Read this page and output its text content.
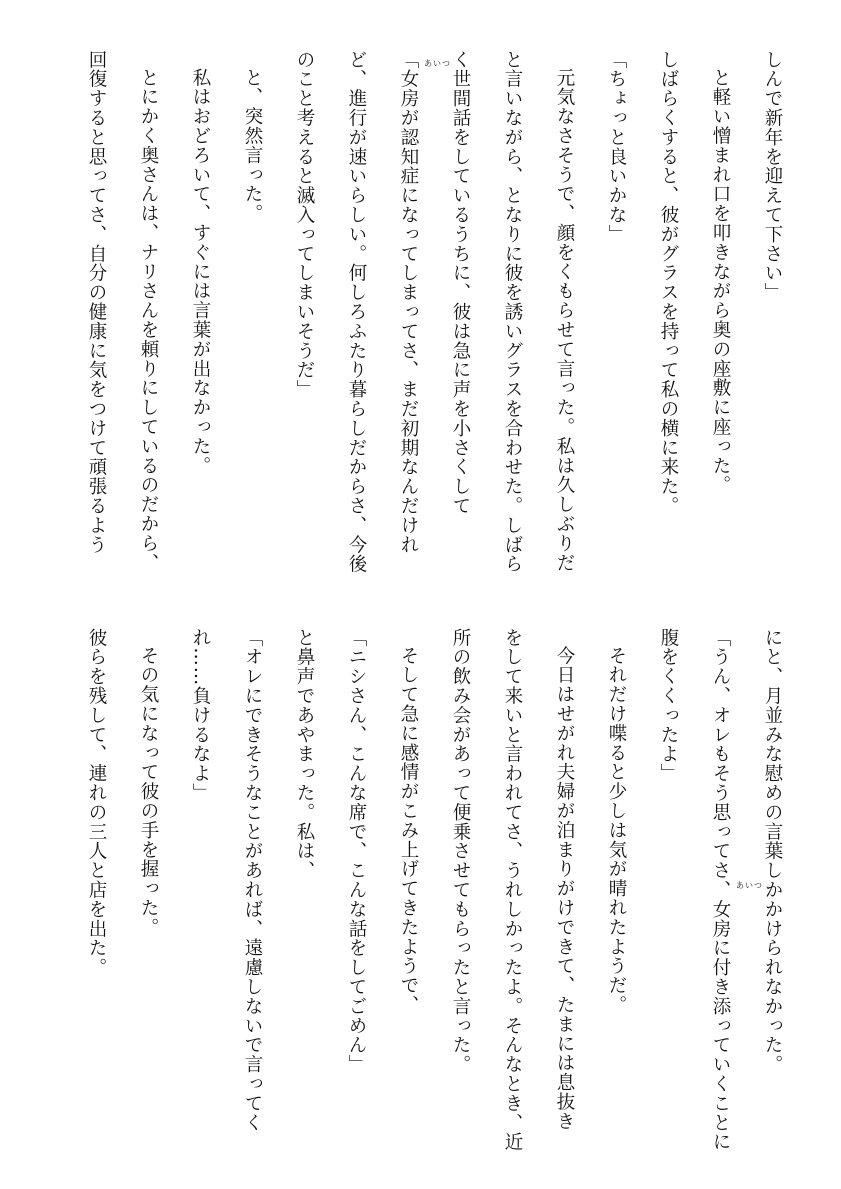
しんで新年を迎えて下さい」
と軽い憎まれ口を叩きながら奥の座敷に座った。
しばらくすると、彼がグラスを持って私の横に来た。
「ちょっと良いかな」
元気なさそうで、顔をくもらせて言った。私は久しぶりだ
と言いながら、となりに彼を誘いグラスを合わせた。しばら
く世間話をしているうちに、彼は急に声を小さくして
「女房が認知症になってしまってさ、まだ初期なんだけれ
ど、進行が速いらしい。何しろふたり暮らしだからさ、今後
のこと考えると滅入ってしまいそうだ」
と、突然言った。
私はおどろいて、すぐには言葉が出なかった。
とにかく奥さんは、ナリさんを頼りにしているのだから、
回復すると思ってさ、自分の健康に気をつけて頑張るよう	あいつ
にと、月並みな慰めの言葉しかかけられなかった。
「うん、オレもそう思ってさ、女房に付き添っていくことに
腹をくくったよ」
それだけ喋ると少しは気が晴れたようだ。
今日はせがれ夫婦が泊まりがけできて、たまには息抜き
をして来いと言われてさ、うれしかったよ。そんなとき、近
所の飲み会があって便乗させてもらったと言った。
そして急に感情がこみ上げてきたようで、
「ニシさん、こんな席で、こんな話をしてごめん」
と鼻声であやまった。私は、
「オレにできそうなことがあれば、遠慮しないで言ってく
れ……負けるなよ」
その気になって彼の手を握った。
彼らを残して、連れの三人と店を出た。	あいつ
